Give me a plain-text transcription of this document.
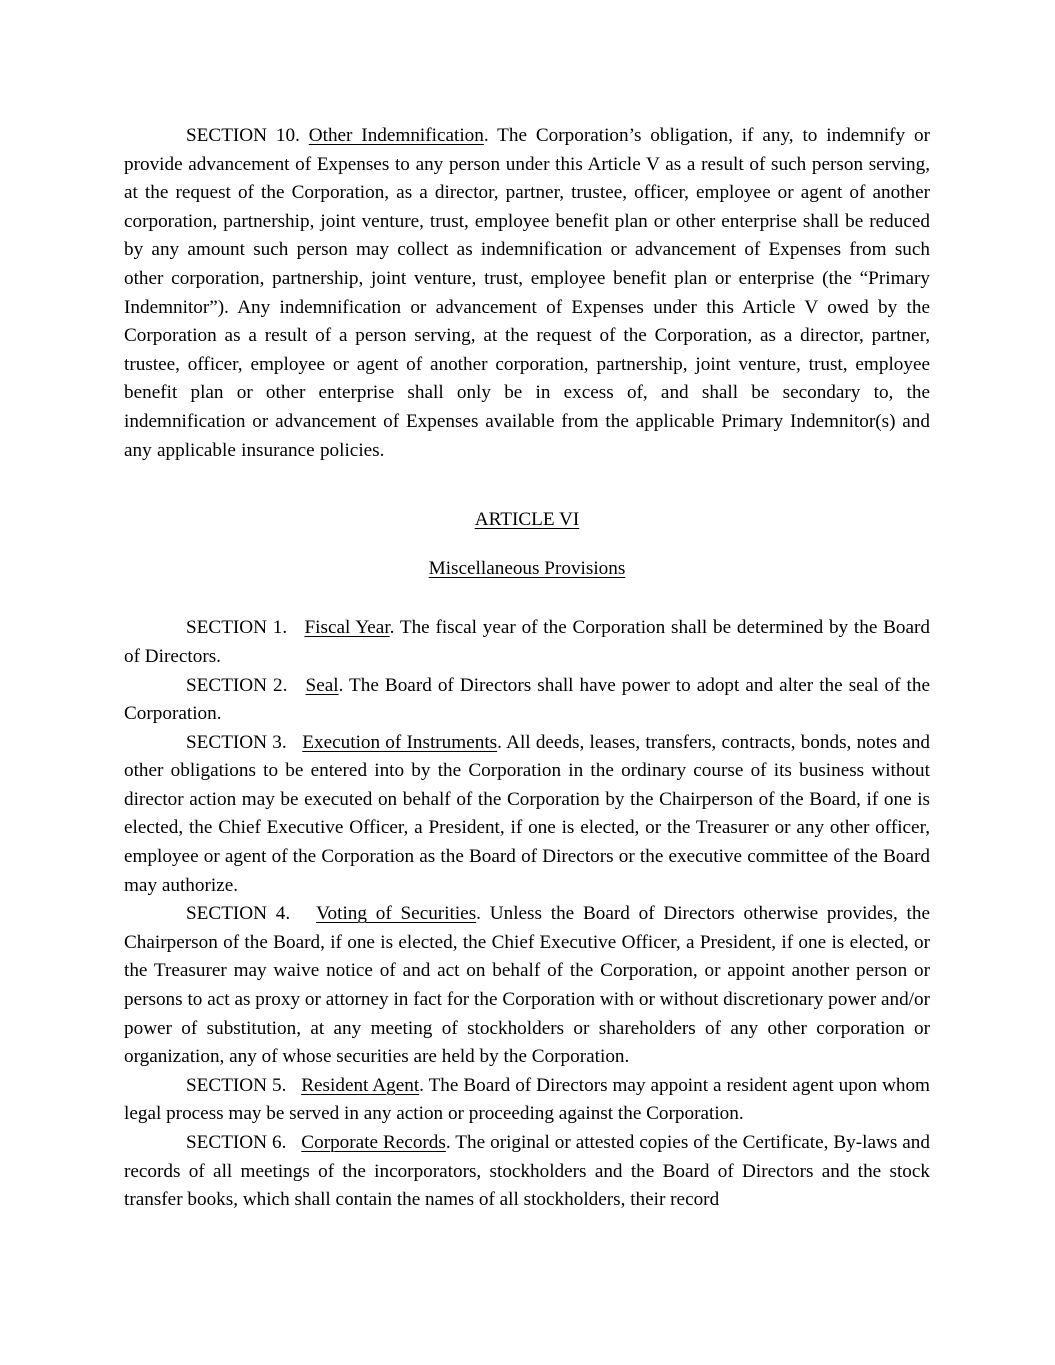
SECTION 10. Other Indemnification. The Corporation’s obligation, if any, to indemnify or provide advancement of Expenses to any person under this Article V as a result of such person serving, at the request of the Corporation, as a director, partner, trustee, officer, employee or agent of another corporation, partnership, joint venture, trust, employee benefit plan or other enterprise shall be reduced by any amount such person may collect as indemnification or advancement of Expenses from such other corporation, partnership, joint venture, trust, employee benefit plan or enterprise (the “Primary Indemnitor”). Any indemnification or advancement of Expenses under this Article V owed by the Corporation as a result of a person serving, at the request of the Corporation, as a director, partner, trustee, officer, employee or agent of another corporation, partnership, joint venture, trust, employee benefit plan or other enterprise shall only be in excess of, and shall be secondary to, the indemnification or advancement of Expenses available from the applicable Primary Indemnitor(s) and any applicable insurance policies.

ARTICLE VI

Miscellaneous Provisions

SECTION 1.   Fiscal Year. The fiscal year of the Corporation shall be determined by the Board of Directors.

SECTION 2.   Seal. The Board of Directors shall have power to adopt and alter the seal of the Corporation.

SECTION 3.   Execution of Instruments. All deeds, leases, transfers, contracts, bonds, notes and other obligations to be entered into by the Corporation in the ordinary course of its business without director action may be executed on behalf of the Corporation by the Chairperson of the Board, if one is elected, the Chief Executive Officer, a President, if one is elected, or the Treasurer or any other officer, employee or agent of the Corporation as the Board of Directors or the executive committee of the Board may authorize.

SECTION 4.   Voting of Securities. Unless the Board of Directors otherwise provides, the Chairperson of the Board, if one is elected, the Chief Executive Officer, a President, if one is elected, or the Treasurer may waive notice of and act on behalf of the Corporation, or appoint another person or persons to act as proxy or attorney in fact for the Corporation with or without discretionary power and/or power of substitution, at any meeting of stockholders or shareholders of any other corporation or organization, any of whose securities are held by the Corporation.

SECTION 5.   Resident Agent. The Board of Directors may appoint a resident agent upon whom legal process may be served in any action or proceeding against the Corporation.

SECTION 6.   Corporate Records. The original or attested copies of the Certificate, By-laws and records of all meetings of the incorporators, stockholders and the Board of Directors and the stock transfer books, which shall contain the names of all stockholders, their record
